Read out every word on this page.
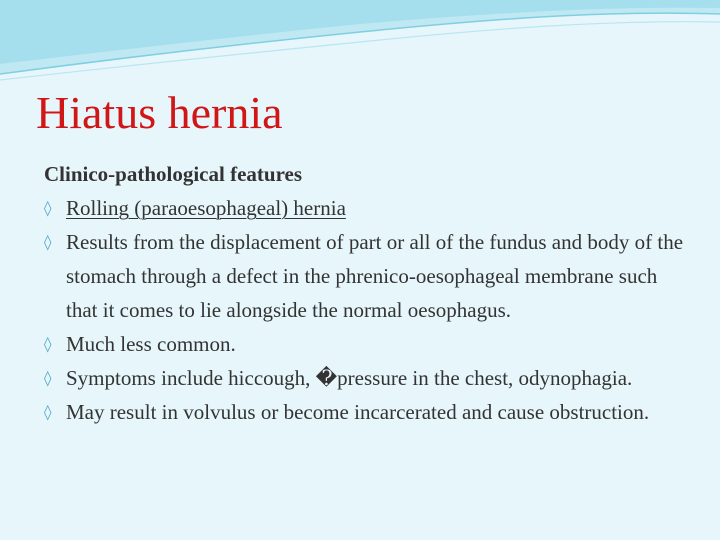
Hiatus hernia
Clinico-pathological features
◊ Rolling (paraoesophageal) hernia
◊ Results from the displacement of part or all of the fundus and body of the stomach through a defect in the phrenico-oesophageal membrane such that it comes to lie alongside the normal oesophagus.
◊ Much less common.
◊ Symptoms include hiccough, �pressure in the chest, odynophagia.
◊ May result in volvulus or become incarcerated and cause obstruction.
